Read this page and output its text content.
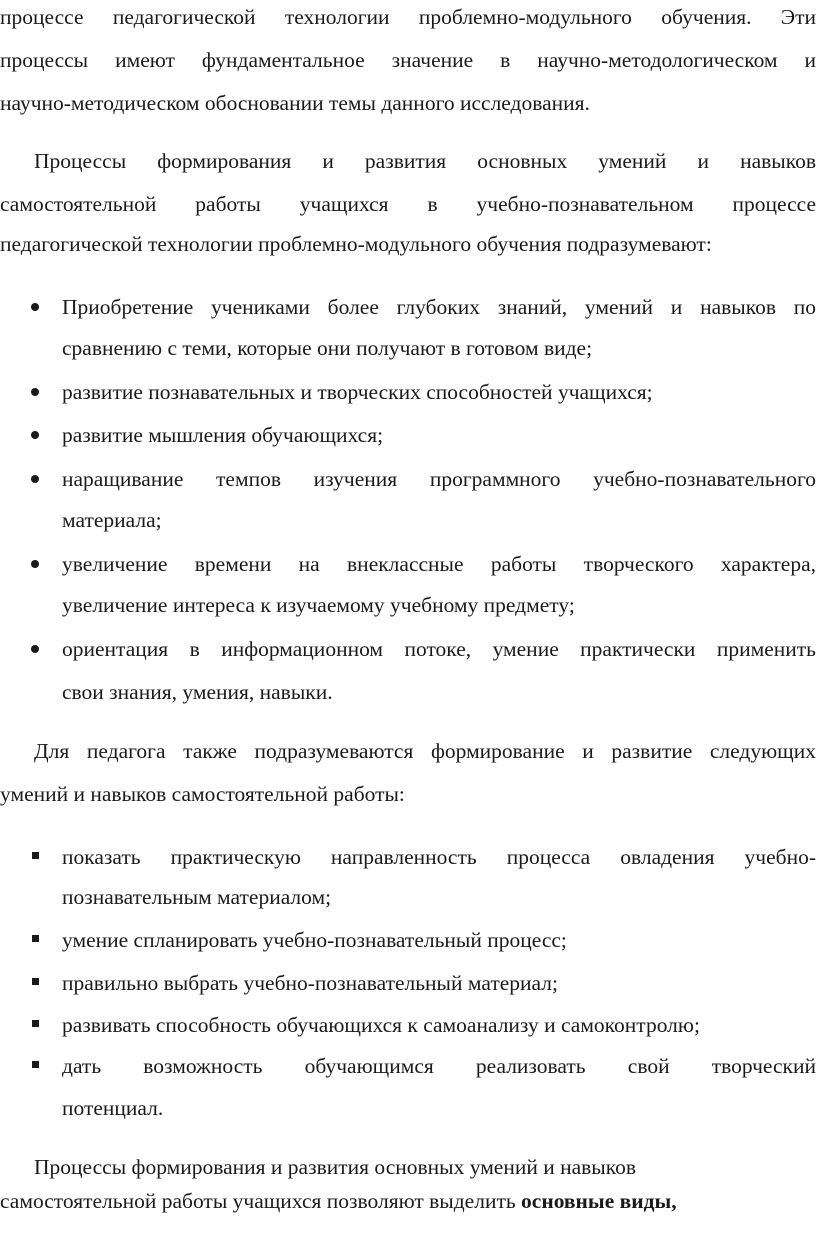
процессе педагогической технологии проблемно-модульного обучения. Эти
процессы имеют фундаментальное значение в научно-методологическом и
научно-методическом обосновании темы данного исследования.
Процессы формирования и развития основных умений и навыков
самостоятельной работы учащихся в учебно-познавательном процессе
педагогической технологии проблемно-модульного обучения подразумевают:
Приобретение учениками более глубоких знаний, умений и навыков по
сравнению с теми, которые они получают в готовом виде;
развитие познавательных и творческих способностей учащихся;
развитие мышления обучающихся;
наращивание темпов изучения программного учебно-познавательного
материала;
увеличение времени на внеклассные работы творческого характера,
увеличение интереса к изучаемому учебному предмету;
ориентация в информационном потоке, умение практически применить
свои знания, умения, навыки.
Для педагога также подразумеваются формирование и развитие следующих
умений и навыков самостоятельной работы:
показать практическую направленность процесса овладения учебно-
познавательным материалом;
умение спланировать учебно-познавательный процесс;
правильно выбрать учебно-познавательный материал;
развивать способность обучающихся к самоанализу и самоконтролю;
дать возможность обучающимся реализовать свой творческий
потенциал.
Процессы формирования и развития основных умений и навыков
самостоятельной работы учащихся позволяют выделить основные виды,
